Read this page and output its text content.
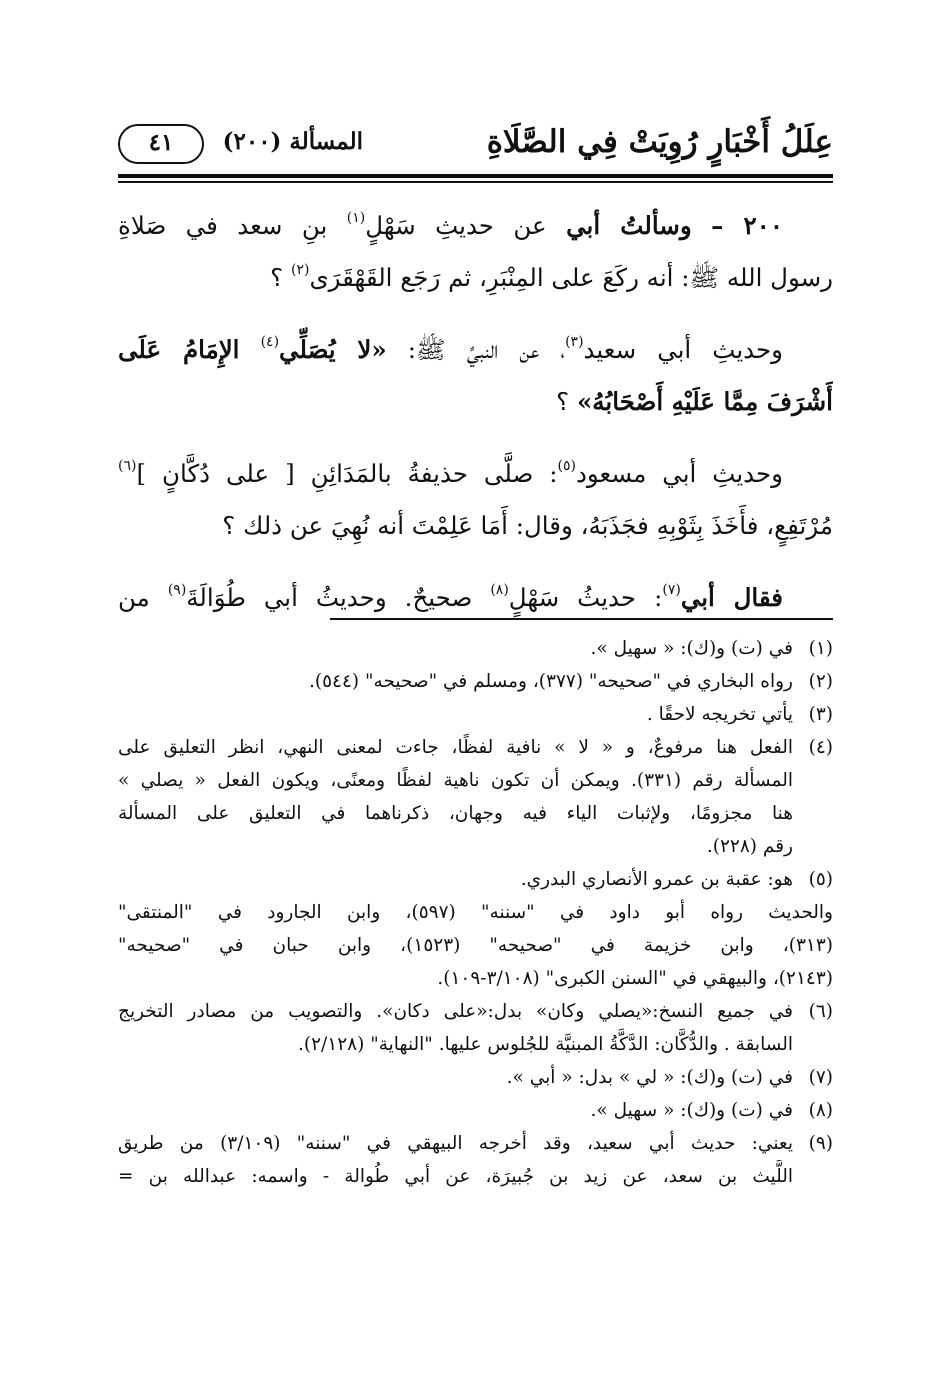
عِلَلُ أَخْبَارٍ رُوِيَتْ فِي الصَّلَاةِ
المسألة (٢٠٠)
٤١
٢٠٠ – وسألتُ أبي عن حديثِ سَهْلٍ$^{(١)}$ بنِ سعد في صَلاةِ
رسول الله ﷺ: أنه ركَعَ على المِنْبَرِ، ثم رَجَع القَهْقَرَى$^{(٢)}$ ؟
وحديثِ أبي سعيد$^{(٣)}$، عن النبيِّ ﷺ: «لا يُصَلِّي$^{(٤)}$ الإِمَامُ عَلَى
أَشْرَفَ مِمَّا عَلَيْهِ أَصْحَابُهُ» ؟
وحديثِ أبي مسعود$^{(٥)}$: صلَّى حذيفةُ بالمَدَائِنِ [ على دُكَّانٍ ]$^{(٦)}$
مُرْتَفِعٍ، فأَخَذَ بِثَوْبِهِ فجَذَبَهُ، وقال: أَمَا عَلِمْتَ أنه نُهِيَ عن ذلك ؟
فقال أبي$^{(٧)}$: حديثُ سَهْلٍ$^{(٨)}$ صحيحٌ. وحديثُ أبي طُوَالَةَ$^{(٩)}$ من
(١)
في (ت) و(ك): « سهيل ».
(٢)
رواه البخاري في "صحيحه" (٣٧٧)، ومسلم في "صحيحه" (٥٤٤).
(٣)
يأتي تخريجه لاحقًا .
(٤)
الفعل هنا مرفوعٌ، و « لا » نافية لفظًا، جاءت لمعنى النهي، انظر التعليق على
المسألة رقم (٣٣١). ويمكن أن تكون ناهية لفظًا ومعنًى، ويكون الفعل « يصلي »
هنا مجزومًا، ولإثبات الياء فيه وجهان، ذكرناهما في التعليق على المسألة
رقم (٢٢٨).
(٥)
هو: عقبة بن عمرو الأنصاري البدري.
والحديث رواه أبو داود في "سننه" (٥٩٧)، وابن الجارود في "المنتقى"
(٣١٣)، وابن خزيمة في "صحيحه" (١٥٢٣)، وابن حبان في "صحيحه"
(٢١٤٣)، والبيهقي في "السنن الكبرى" (٣/١٠٨-١٠٩).
(٦)
في جميع النسخ:«يصلي وكان» بدل:«على دكان». والتصويب من مصادر التخريج
السابقة . والدُّكَّان: الدَّكَّةُ المبنيَّة للجُلوس عليها. "النهاية" (٢/١٢٨).
(٧)
في (ت) و(ك): « لي » بدل: « أبي ».
(٨)
في (ت) و(ك): « سهيل ».
(٩)
يعني: حديث أبي سعيد، وقد أخرجه البيهقي في "سننه" (٣/١٠٩) من طريق
اللَّيث بن سعد، عن زيد بن جُبيرَة، عن أبي طُوالة - واسمه: عبدالله بن =
